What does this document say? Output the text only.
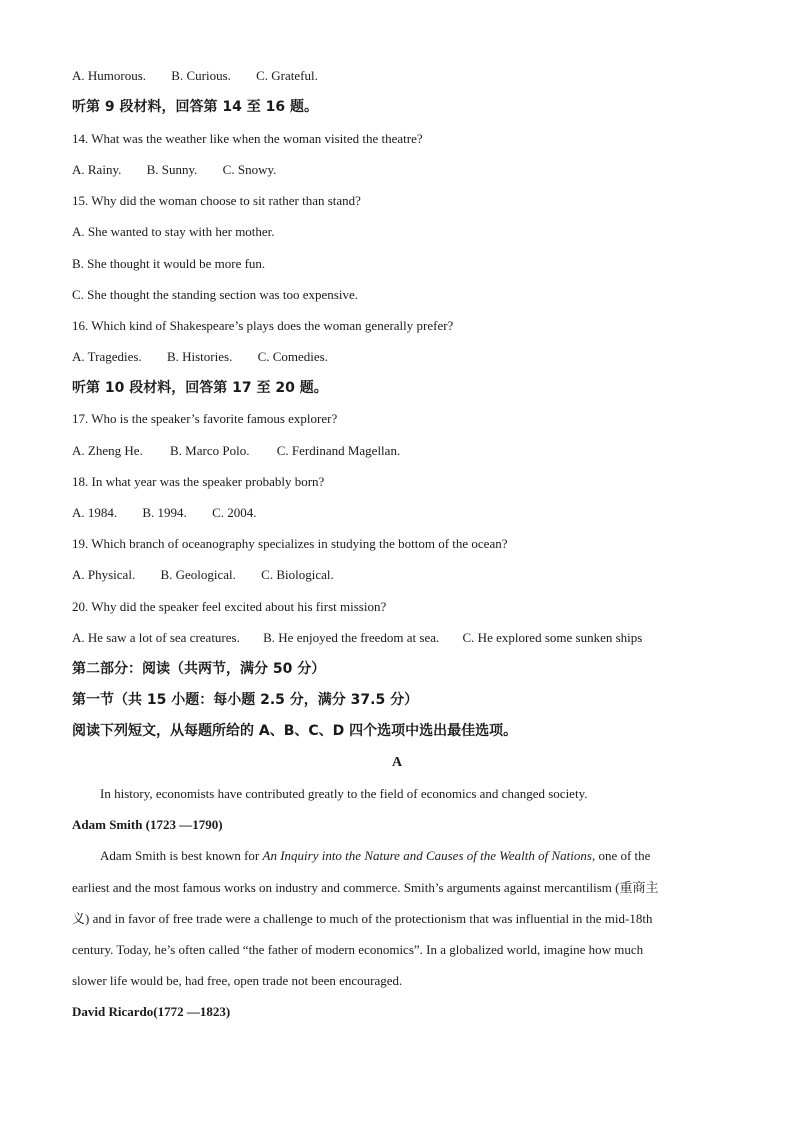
A. Humorous. B. Curious. C. Grateful.
听第 9 段材料，回答第 14 至 16 题。
14. What was the weather like when the woman visited the theatre?
A. Rainy. B. Sunny. C. Snowy.
15. Why did the woman choose to sit rather than stand?
A. She wanted to stay with her mother.
B. She thought it would be more fun.
C. She thought the standing section was too expensive.
16. Which kind of Shakespeare’s plays does the woman generally prefer?
A. Tragedies. B. Histories. C. Comedies.
听第 10 段材料，回答第 17 至 20 题。
17. Who is the speaker’s favorite famous explorer?
A. Zheng He. B. Marco Polo. C. Ferdinand Magellan.
18. In what year was the speaker probably born?
A. 1984. B. 1994. C. 2004.
19. Which branch of oceanography specializes in studying the bottom of the ocean?
A. Physical. B. Geological. C. Biological.
20. Why did the speaker feel excited about his first mission?
A. He saw a lot of sea creatures. B. He enjoyed the freedom at sea. C. He explored some sunken ships
第二部分：阅读（共两节，满分 50 分）
第一节（共 15 小题：每小题 2.5 分，满分 37.5 分）
阅读下列短文，从每题所给的 A、B、C、D 四个选项中选出最佳选项。
A
In history, economists have contributed greatly to the field of economics and changed society.
Adam Smith (1723 —1790)
Adam Smith is best known for An Inquiry into the Nature and Causes of the Wealth of Nations, one of the
earliest and the most famous works on industry and commerce. Smith’s arguments against mercantilism (重商主
义) and in favor of free trade were a challenge to much of the protectionism that was influential in the mid-18th
century. Today, he’s often called “the father of modern economics”. In a globalized world, imagine how much
slower life would be, had free, open trade not been encouraged.
David Ricardo(1772 —1823)
